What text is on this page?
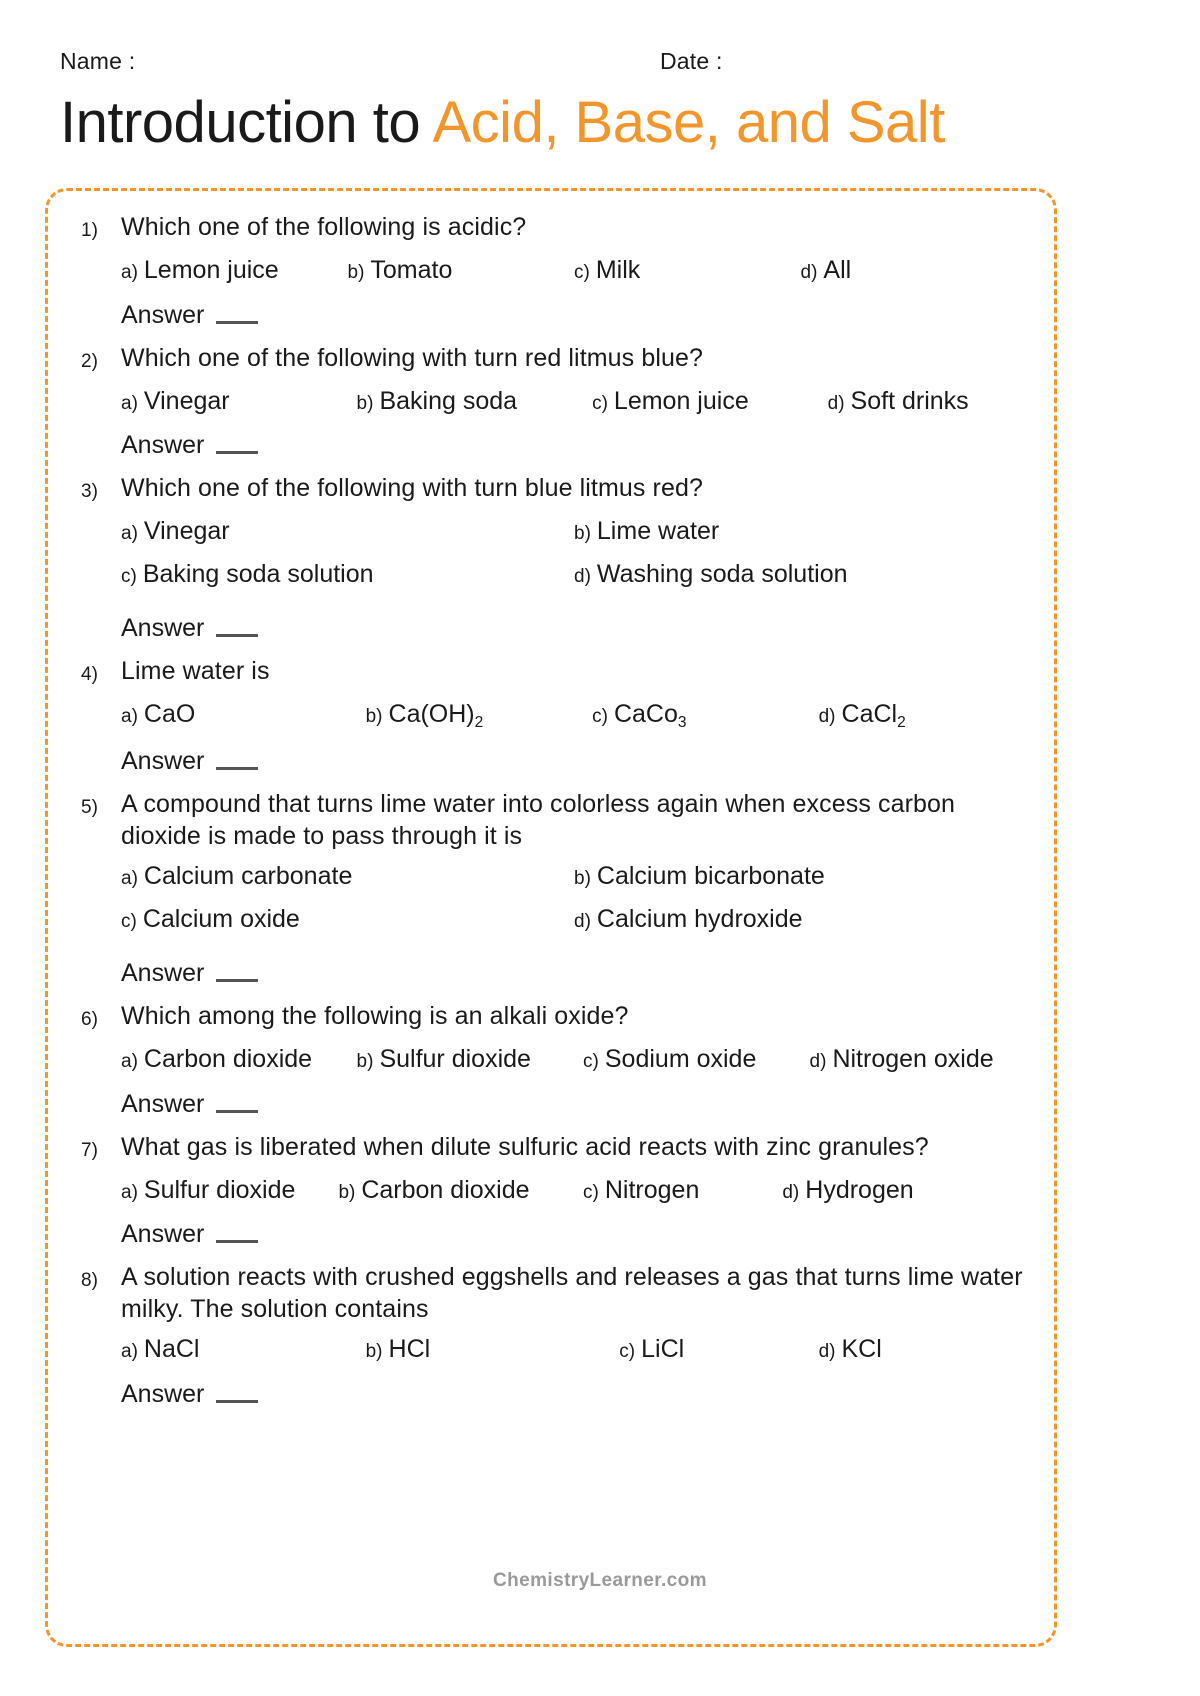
Name :	Date :
Introduction to Acid, Base, and Salt
1) Which one of the following is acidic?
a) Lemon juice	b) Tomato	c) Milk	d) All
Answer
2) Which one of the following with turn red litmus blue?
a) Vinegar	b) Baking soda	c) Lemon juice	d) Soft drinks
Answer
3) Which one of the following with turn blue litmus red?
a) Vinegar	b) Lime water
c) Baking soda solution	d) Washing soda solution
Answer
4) Lime water is
a) CaO	b) $Ca(OH)_2$	c) CaCo$_3$	d) CaCl$_2$
Answer
5) A compound that turns lime water into colorless again when excess carbon dioxide is made to pass through it is
a) Calcium carbonate	b) Calcium bicarbonate
c) Calcium oxide	d) Calcium hydroxide
Answer
6) Which among the following is an alkali oxide?
a) Carbon dioxide	b) Sulfur dioxide	c) Sodium oxide	d) Nitrogen oxide
Answer
7) What gas is liberated when dilute sulfuric acid reacts with zinc granules?
a) Sulfur dioxide	b) Carbon dioxide	c) Nitrogen	d) Hydrogen
Answer
8) A solution reacts with crushed eggshells and releases a gas that turns lime water milky. The solution contains
a) NaCl	b) HCl	c) LiCl	d) KCl
Answer
ChemistryLearner.com
